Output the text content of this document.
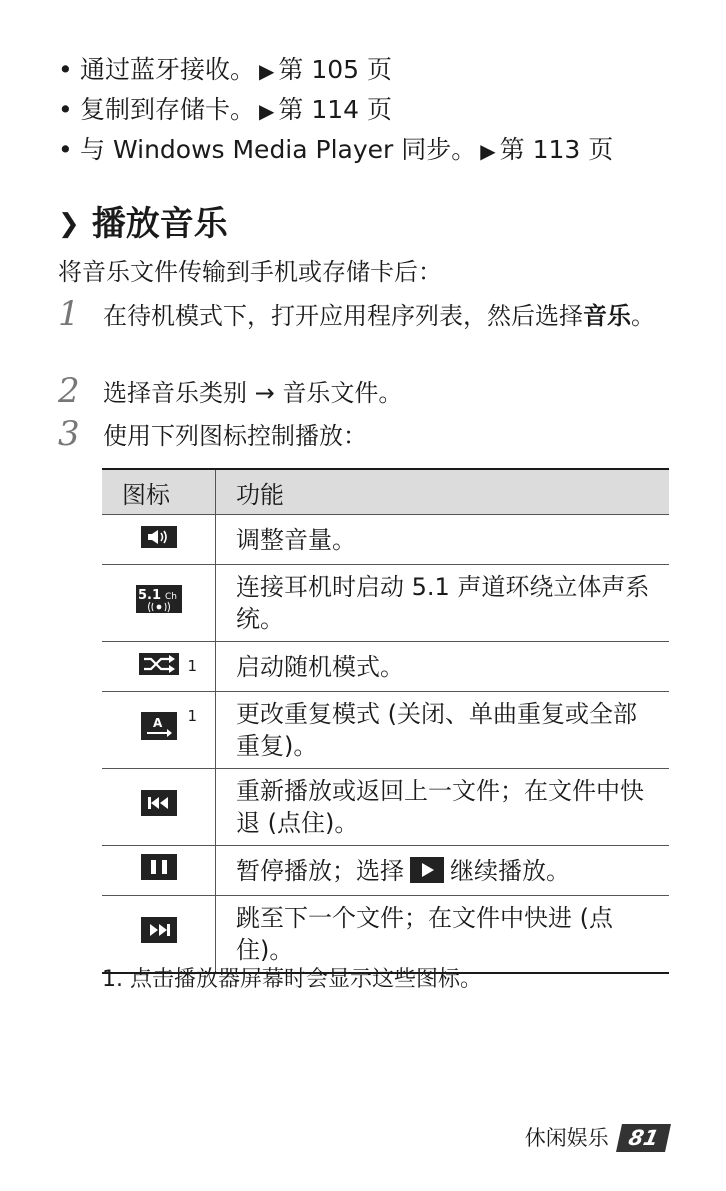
• 通过蓝牙接收。 ▶ 第 105 页
• 复制到存储卡。 ▶ 第 114 页
• 与 Windows Media Player 同步。 ▶ 第 113 页
❯ 播放音乐
将音乐文件传输到手机或存储卡后：
1 在待机模式下，打开应用程序列表，然后选择音乐。
2 选择音乐类别 → 音乐文件。
3 使用下列图标控制播放：
图标	功能
	调整音量。

5.1 Ch	连接耳机时启动 5.1 声道环绕立体声系统。

1	启动随机模式。

A 1	更改重复模式 (关闭、单曲重复或全部重复)。
	重新播放或返回上一文件；在文件中快退 (点住)。
	暂停播放；选择 继续播放。
	跳至下一个文件；在文件中快进 (点住)。
1. 点击播放器屏幕时会显示这些图标。
休闲娱乐 81
